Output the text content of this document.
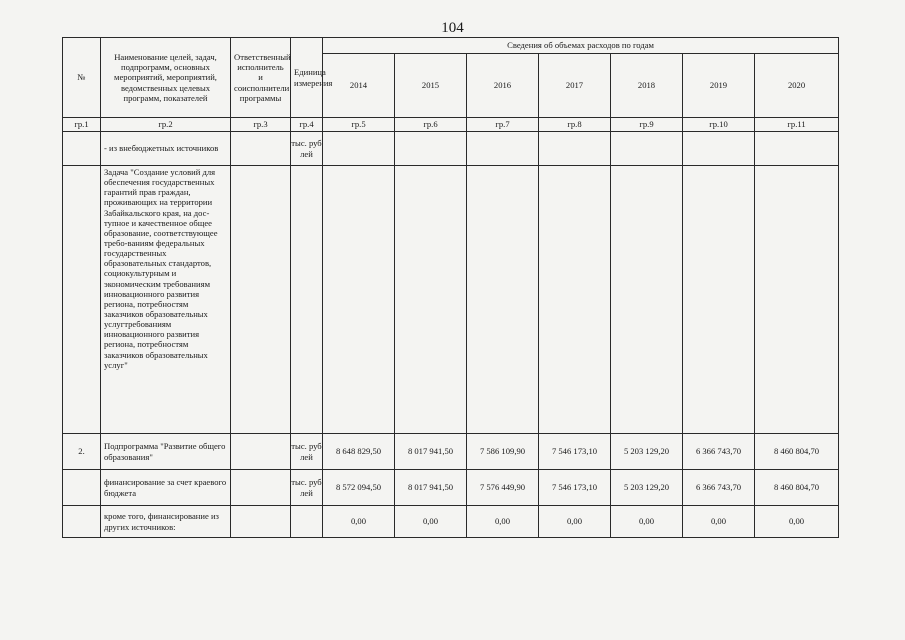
104
№	Наименование целей, задач, подпрограмм, основных мероприятий, мероприятий, ведомственных целевых программ, показателей	Ответственный исполнитель и соисполнители программы	Единица измерения	Сведения об объемах расходов по годам						
				2014	2015	2016	2017	2018	2019	2020
гр.1	гр.2	гр.3	гр.4	гр.5	гр.6	гр.7	гр.8	гр.9	гр.10	гр.11
	- из внебюджетных источников		тыс. руб лей							
	Задача "Создание условий для обеспечения государственных гарантий прав граждан, проживающих на территории Забайкальского края, на дос-тупное и качественное общее образование, соответствующее требо-ваниям федеральных государственных образовательных стандартов, социокультурным и экономическим требованиям инновационного развития региона, потребностям заказчиков образовательных услугтребованиям инновационного развития региона, потребностям заказчиков образовательных услуг"									
2.	Подпрограмма "Развитие общего образования"		тыс. руб лей	8 648 829,50	8 017 941,50	7 586 109,90	7 546 173,10	5 203 129,20	6 366 743,70	8 460 804,70
	финансирование за счет краевого бюджета		тыс. руб лей	8 572 094,50	8 017 941,50	7 576 449,90	7 546 173,10	5 203 129,20	6 366 743,70	8 460 804,70
	кроме того, финансирование из других источников:			0,00	0,00	0,00	0,00	0,00	0,00	0,00
